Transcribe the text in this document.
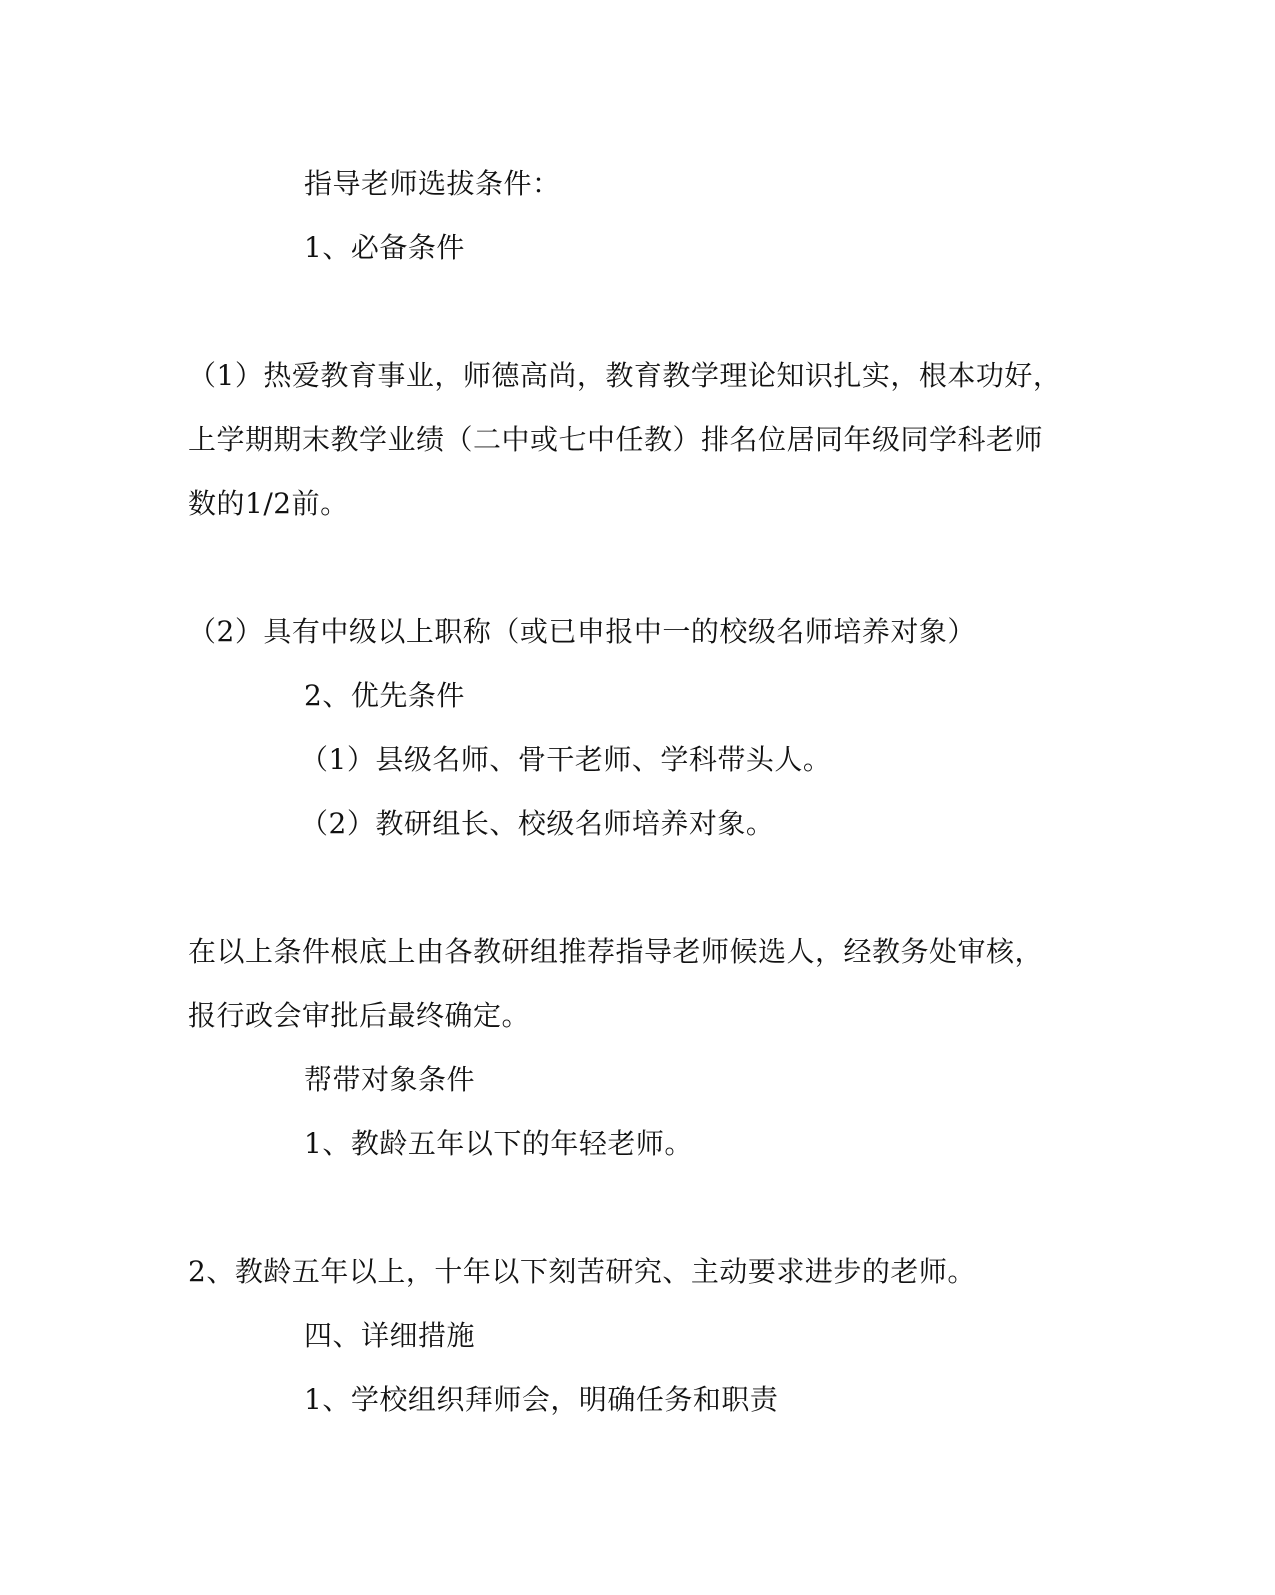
指导老师选拔条件：
1、必备条件
（1）热爱教育事业，师德高尚，教育教学理论知识扎实，根本功好，
上学期期末教学业绩（二中或七中任教）排名位居同年级同学科老师
数的1/2前。
（2）具有中级以上职称（或已申报中一的校级名师培养对象）
2、优先条件
（1）县级名师、骨干老师、学科带头人。
（2）教研组长、校级名师培养对象。
在以上条件根底上由各教研组推荐指导老师候选人，经教务处审核，
报行政会审批后最终确定。
帮带对象条件
1、教龄五年以下的年轻老师。
2、教龄五年以上，十年以下刻苦研究、主动要求进步的老师。
四、详细措施
1、学校组织拜师会，明确任务和职责
